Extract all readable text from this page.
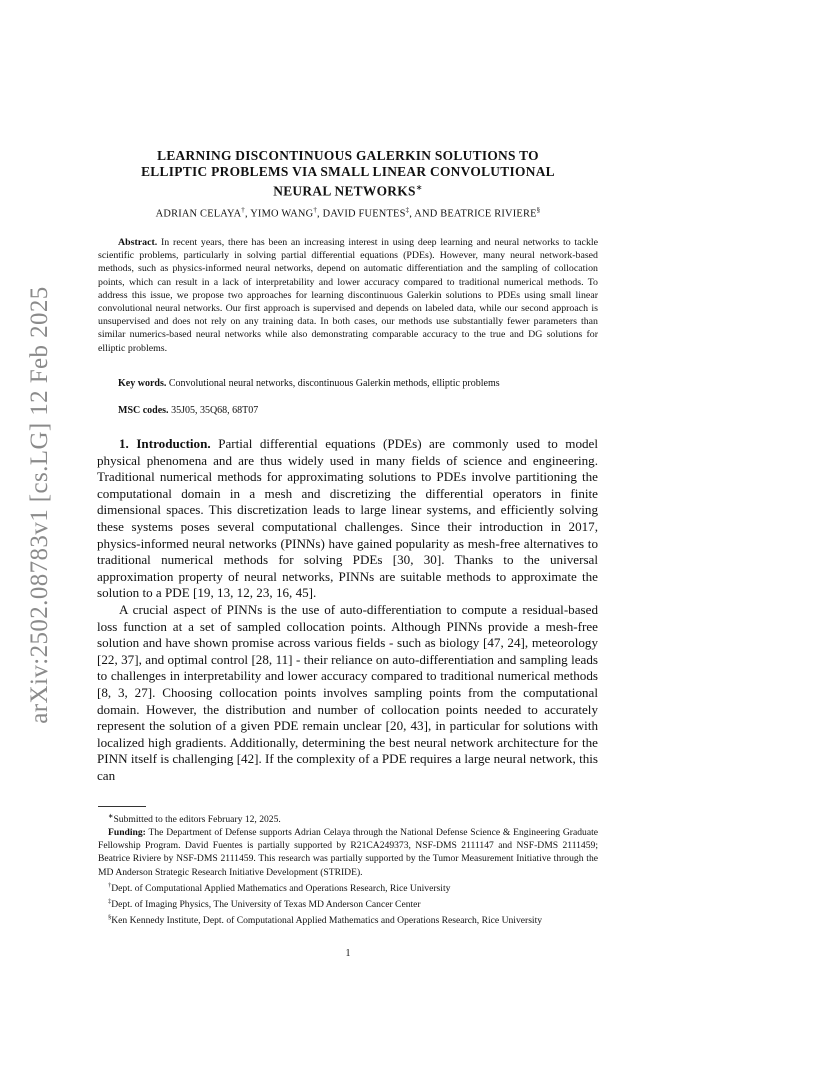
arXiv:2502.08783v1 [cs.LG] 12 Feb 2025
LEARNING DISCONTINUOUS GALERKIN SOLUTIONS TO
ELLIPTIC PROBLEMS VIA SMALL LINEAR CONVOLUTIONAL
NEURAL NETWORKS∗
ADRIAN CELAYA†, YIMO WANG†, DAVID FUENTES‡, AND BEATRICE RIVIERE§

Abstract. In recent years, there has been an increasing interest in using deep learning and neural networks to tackle scientific problems, particularly in solving partial differential equations (PDEs). However, many neural network-based methods, such as physics-informed neural networks, depend on automatic differentiation and the sampling of collocation points, which can result in a lack of interpretability and lower accuracy compared to traditional numerical methods. To address this issue, we propose two approaches for learning discontinuous Galerkin solutions to PDEs using small linear convolutional neural networks. Our first approach is supervised and depends on labeled data, while our second approach is unsupervised and does not rely on any training data. In both cases, our methods use substantially fewer parameters than similar numerics-based neural networks while also demonstrating comparable accuracy to the true and DG solutions for elliptic problems.

Key words. Convolutional neural networks, discontinuous Galerkin methods, elliptic problems
MSC codes. 35J05, 35Q68, 68T07

1. Introduction. Partial differential equations (PDEs) are commonly used to model physical phenomena and are thus widely used in many fields of science and engineering. Traditional numerical methods for approximating solutions to PDEs involve partitioning the computational domain in a mesh and discretizing the differential operators in finite dimensional spaces. This discretization leads to large linear systems, and efficiently solving these systems poses several computational challenges. Since their introduction in 2017, physics-informed neural networks (PINNs) have gained popularity as mesh-free alternatives to traditional numerical methods for solving PDEs [30, 30]. Thanks to the universal approximation property of neural networks, PINNs are suitable methods to approximate the solution to a PDE [19, 13, 12, 23, 16, 45].

A crucial aspect of PINNs is the use of auto-differentiation to compute a residual-based loss function at a set of sampled collocation points. Although PINNs provide a mesh-free solution and have shown promise across various fields - such as biology [47, 24], meteorology [22, 37], and optimal control [28, 11] - their reliance on auto-differentiation and sampling leads to challenges in interpretability and lower accuracy compared to traditional numerical methods [8, 3, 27]. Choosing collocation points involves sampling points from the computational domain. However, the distribution and number of collocation points needed to accurately represent the solution of a given PDE remain unclear [20, 43], in particular for solutions with localized high gradients. Additionally, determining the best neural network architecture for the PINN itself is challenging [42]. If the complexity of a PDE requires a large neural network, this can

∗Submitted to the editors February 12, 2025.

Funding: The Department of Defense supports Adrian Celaya through the National Defense Science & Engineering Graduate Fellowship Program. David Fuentes is partially supported by R21CA249373, NSF-DMS 2111147 and NSF-DMS 2111459; Beatrice Riviere by NSF-DMS 2111459. This research was partially supported by the Tumor Measurement Initiative through the MD Anderson Strategic Research Initiative Development (STRIDE).

†Dept. of Computational Applied Mathematics and Operations Research, Rice University

‡Dept. of Imaging Physics, The University of Texas MD Anderson Cancer Center

§Ken Kennedy Institute, Dept. of Computational Applied Mathematics and Operations Research, Rice University

1
